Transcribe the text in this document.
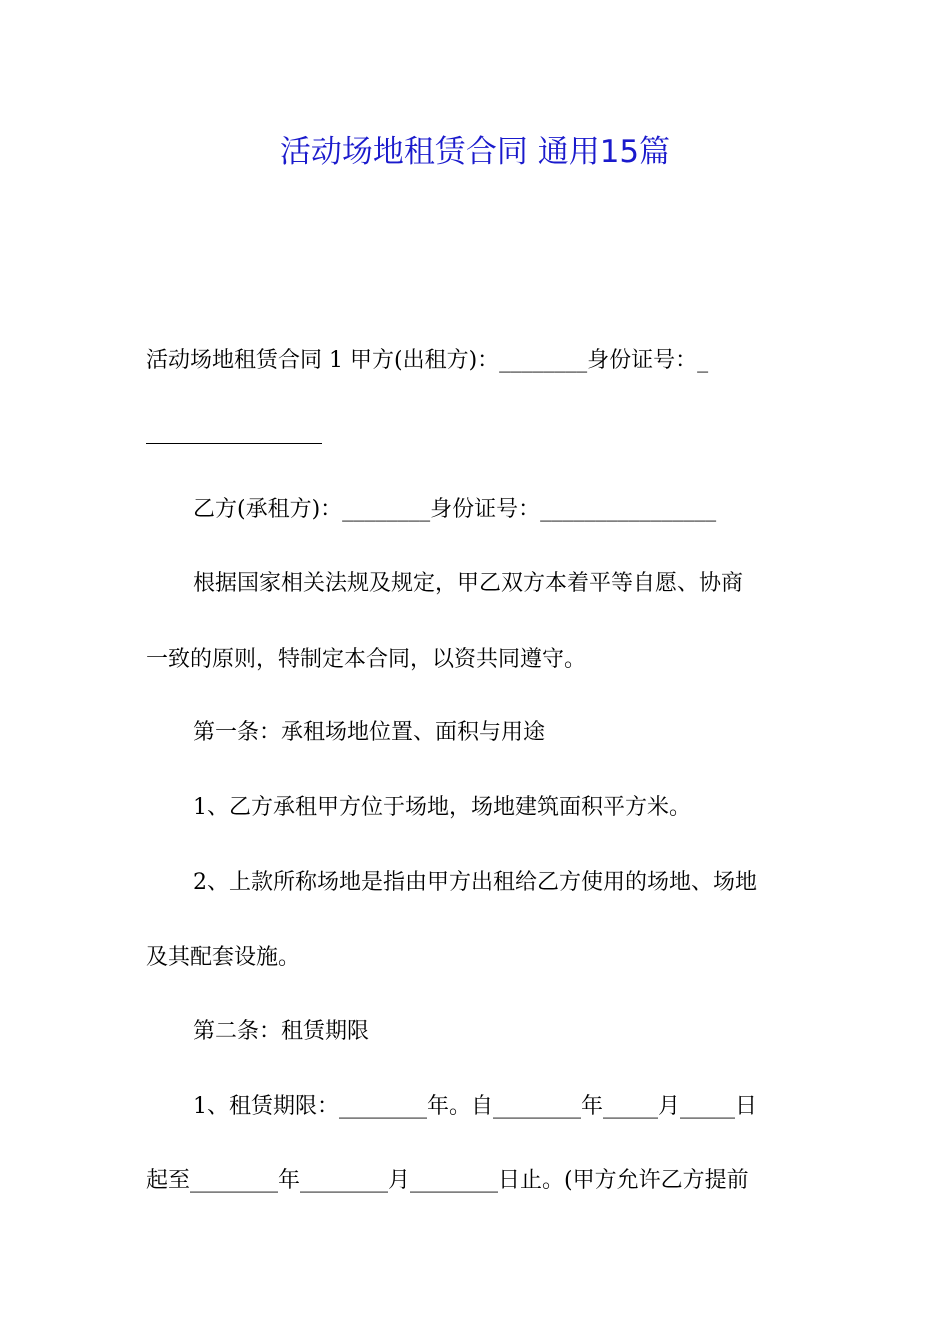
活动场地租赁合同 通用15篇
活动场地租赁合同 1 甲方(出租方)：________身份证号：_
乙方(承租方)：________身份证号：________________
根据国家相关法规及规定，甲乙双方本着平等自愿、协商
一致的原则，特制定本合同，以资共同遵守。
第一条：承租场地位置、面积与用途
1、乙方承租甲方位于场地，场地建筑面积平方米。
2、上款所称场地是指由甲方出租给乙方使用的场地、场地
及其配套设施。
第二条：租赁期限
1、租赁期限：________年。自________年_____月_____日
起至________年________月________日止。(甲方允许乙方提前
